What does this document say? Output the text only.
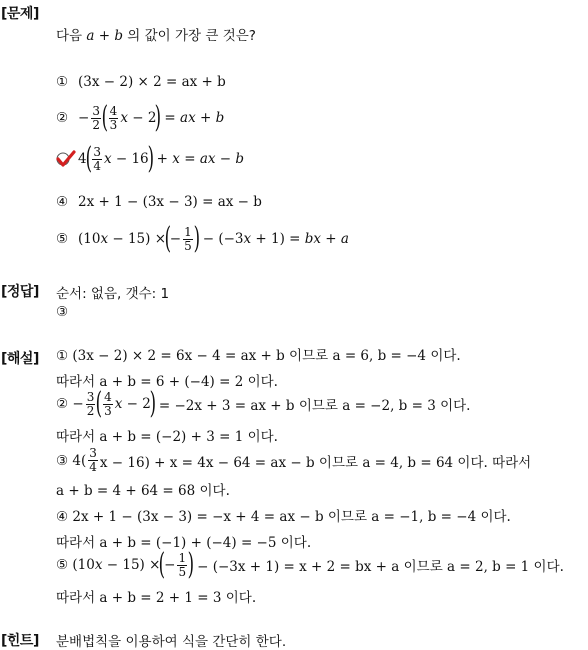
[문제]
다음 a + b 의 값이 가장 큰 것은?
① (3x − 2) × 2 = ax + b
② − $\frac{3}{2}$ ( $\frac{4}{3}$ x − 2
)
= ax + b
4
( $\frac{3}{4}$ x − 16
)
+ x = ax − b
④ 2x + 1 − (3x − 3) = ax − b
⑤ (10 x − 15) ×
(
− $\frac{1}{5}$ )
− (−3 x + 1) = bx + a
[정답] 순서: 없음, 갯수: 1
③
[해설] ① (3x − 2) × 2 = 6x − 4 = ax + b 이므로 a = 6, b = −4 이다.
따라서 a + b = 6 + (−4) = 2 이다.
② − $\frac{3}{2}$ ( $\frac{4}{3}$ x − 2
)
= −2x + 3 = ax + b 이므로 a = −2, b = 3 이다.
따라서 a + b = (−2) + 3 = 1 이다.
③ $4( \frac{3}{4}$ x − 16) + x = 4x − 64 = ax − b 이므로 a = 4, b = 64 이다. 따라서
a + b = 4 + 64 = 68 이다.
④ 2x + 1 − (3x − 3) = −x + 4 = ax − b 이므로 a = −1, b = −4 이다.
따라서 a + b = (−1) + (−4) = −5 이다.
⑤ (10 x − 15) ×
(
− $\frac{1}{5}$ )
− (−3x + 1) = x + 2 = bx + a 이므로 a = 2, b = 1 이다.
따라서 a + b = 2 + 1 = 3 이다.
[힌트] 분배법칙을 이용하여 식을 간단히 한다.
